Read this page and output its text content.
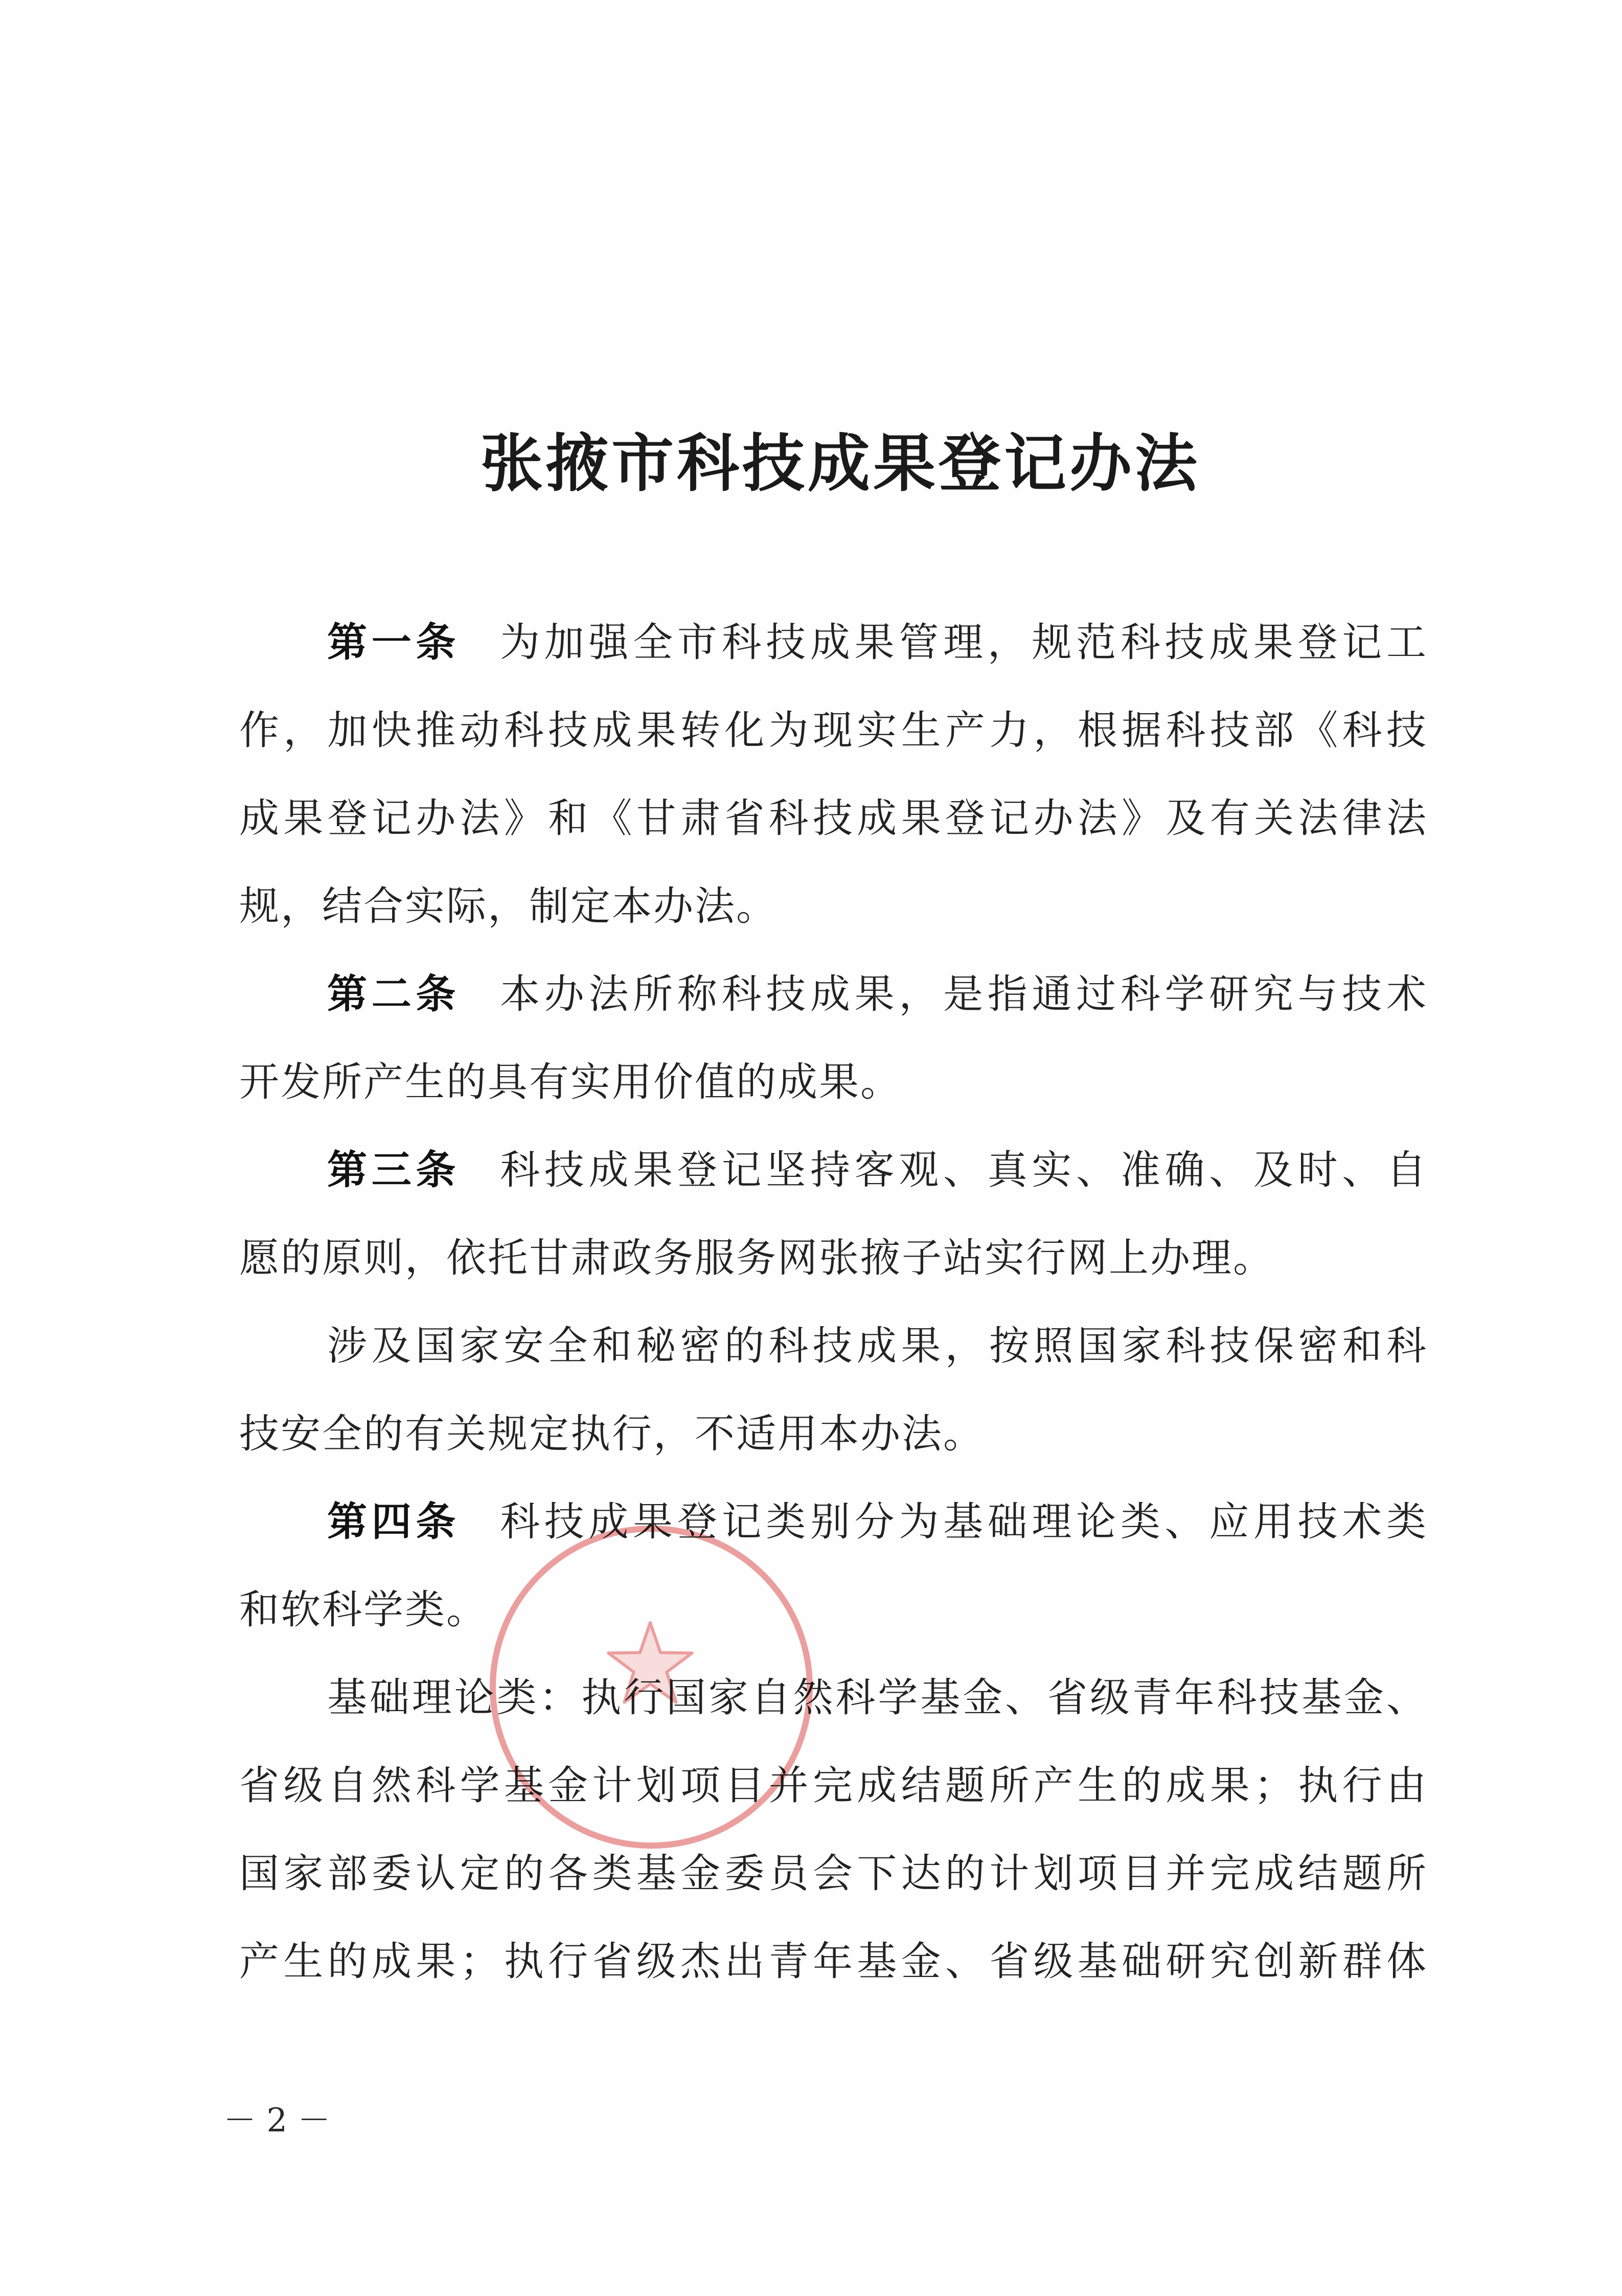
张掖市科技成果登记办法
第一条 为加强全市科技成果管理，规范科技成果登记工
作，加快推动科技成果转化为现实生产力，根据科技部《科技
成果登记办法》和《甘肃省科技成果登记办法》及有关法律法
规，结合实际，制定本办法。
第二条 本办法所称科技成果，是指通过科学研究与技术
开发所产生的具有实用价值的成果。
第三条 科技成果登记坚持客观、真实、准确、及时、自
愿的原则，依托甘肃政务服务网张掖子站实行网上办理。
涉及国家安全和秘密的科技成果，按照国家科技保密和科
技安全的有关规定执行，不适用本办法。
第四条 科技成果登记类别分为基础理论类、应用技术类
和软科学类。
基础理论类：执行国家自然科学基金、省级青年科技基金、
省级自然科学基金计划项目并完成结题所产生的成果；执行由
国家部委认定的各类基金委员会下达的计划项目并完成结题所
产生的成果；执行省级杰出青年基金、省级基础研究创新群体
－ 2 －
